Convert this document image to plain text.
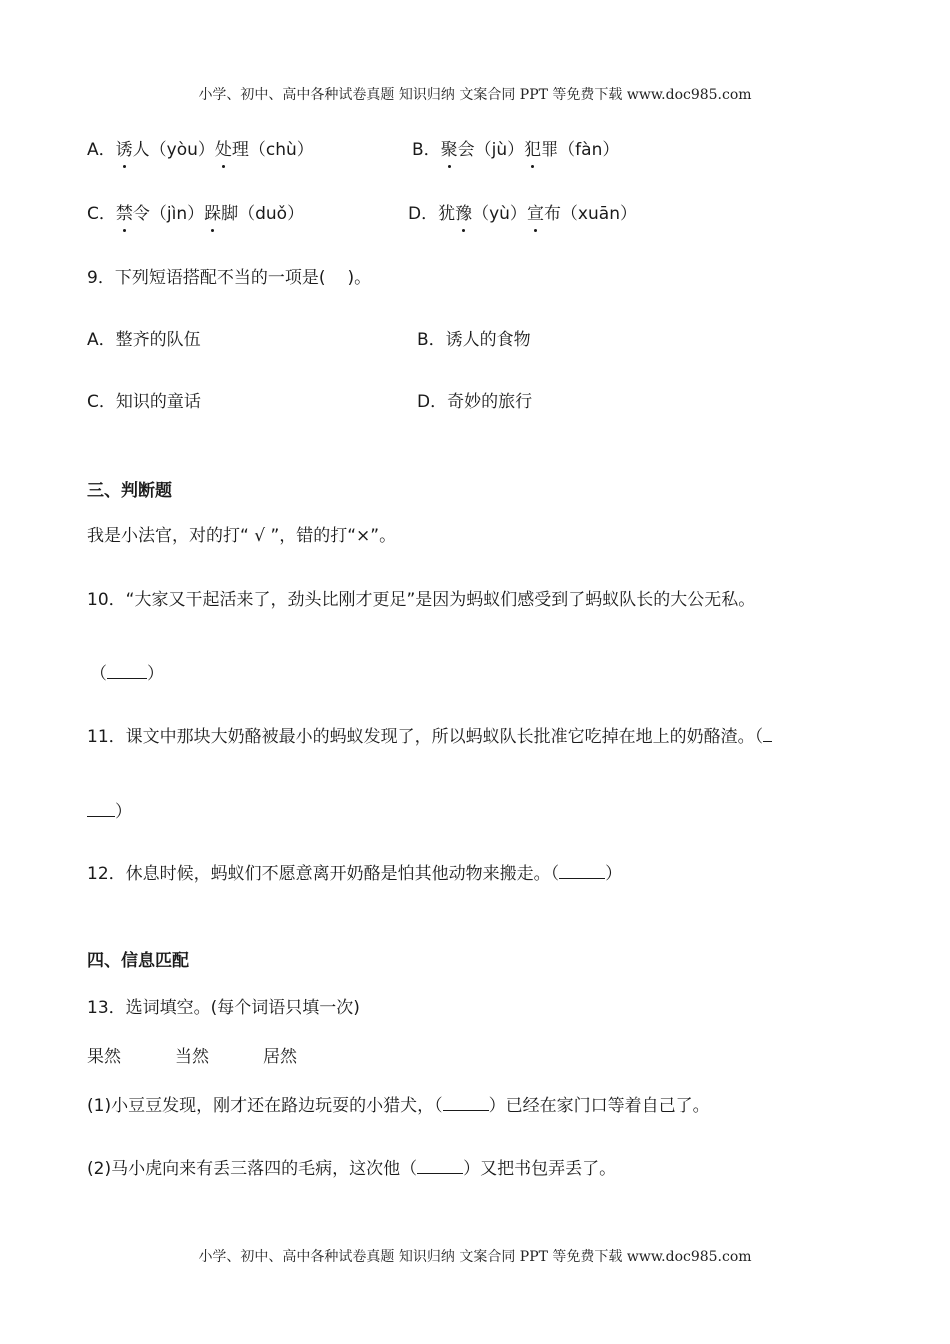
小学、初中、高中各种试卷真题 知识归纳 文案合同 PPT 等免费下载 www.doc985.com
A．诱人（yòu）处理（chù）	B．聚会（jù）犯罪（fàn）
C．禁令（jìn）跺脚（duǒ）	D．犹豫（yù）宣布（xuān）
9．下列短语搭配不当的一项是( )。
A．整齐的队伍	B．诱人的食物
C．知识的童话	D．奇妙的旅行
三、判断题
我是小法官，对的打“ √ ”，错的打“×”。
10．“大家又干起活来了，劲头比刚才更足”是因为蚂蚁们感受到了蚂蚁队长的大公无私。
（ ）
11．课文中那块大奶酪被最小的蚂蚁发现了，所以蚂蚁队长批准它吃掉在地上的奶酪渣。（
）
12．休息时候，蚂蚁们不愿意离开奶酪是怕其他动物来搬走。（	）
四、信息匹配
13．选词填空。(每个词语只填一次)
果然	当然	居然
(1)小豆豆发现，刚才还在路边玩耍的小猎犬，（	）已经在家门口等着自己了。
(2)马小虎向来有丢三落四的毛病，这次他（	）又把书包弄丢了。
小学、初中、高中各种试卷真题 知识归纳 文案合同 PPT 等免费下载 www.doc985.com
